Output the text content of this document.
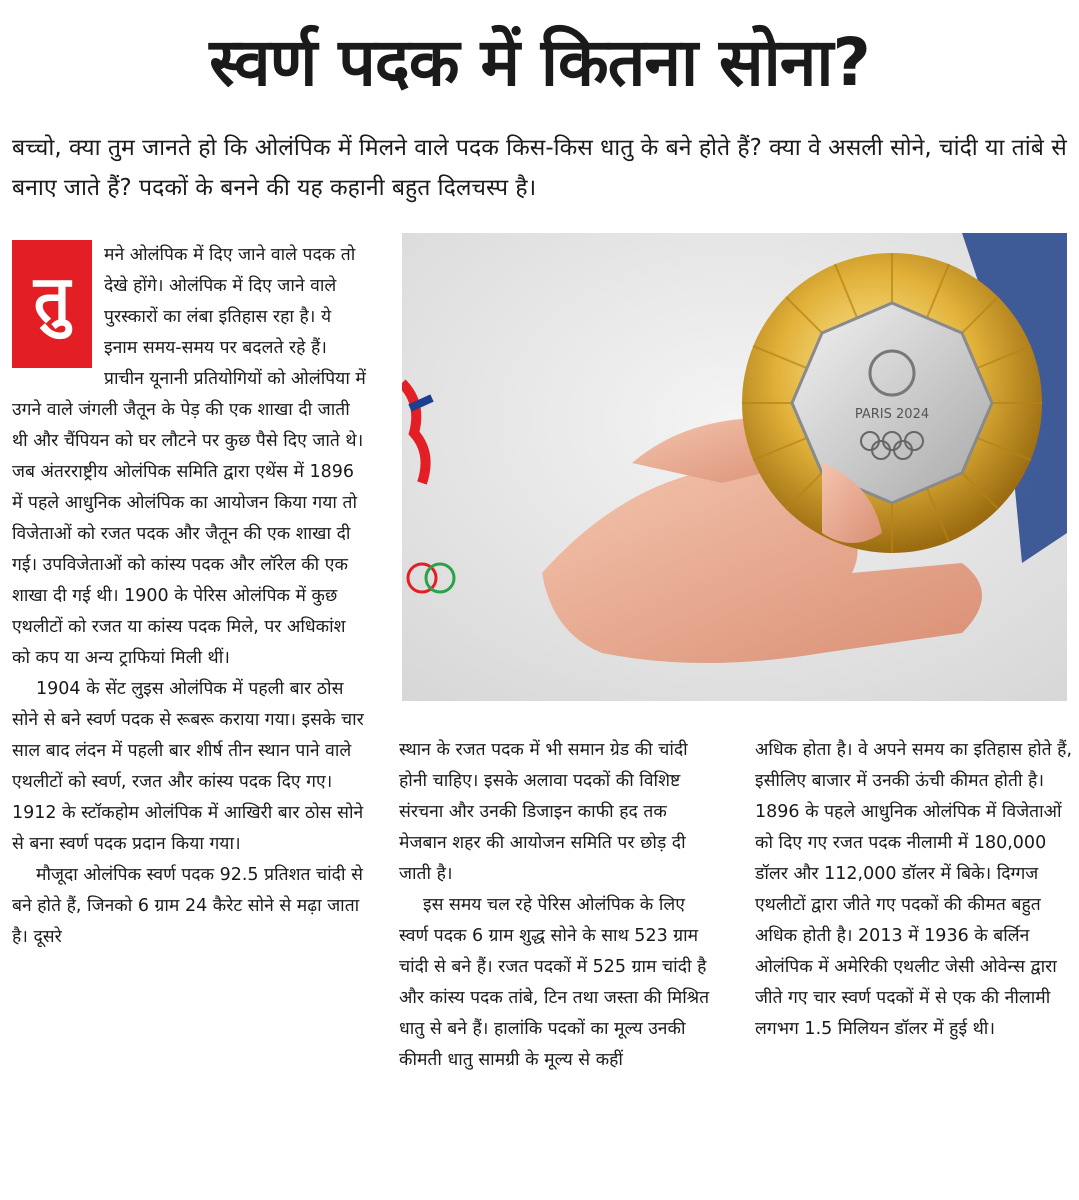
स्वर्ण पदक में कितना सोना?
बच्चो, क्या तुम जानते हो कि ओलंपिक में मिलने वाले पदक किस-किस धातु के बने होते हैं? क्या वे असली सोने, चांदी या तांबे से बनाए जाते हैं? पदकों के बनने की यह कहानी बहुत दिलचस्प है।
PARIS 2024
तु

मने ओलंपिक में दिए जाने वाले पदक तो देखे होंगे। ओलंपिक में दिए जाने वाले पुरस्कारों का लंबा इतिहास रहा है। ये इनाम समय-समय पर बदलते रहे हैं। प्राचीन यूनानी प्रतियोगियों को ओलंपिया में उगने वाले जंगली जैतून के पेड़ की एक शाखा दी जाती थी और चैंपियन को घर लौटने पर कुछ पैसे दिए जाते थे। जब अंतरराष्ट्रीय ओलंपिक समिति द्वारा एथेंस में 1896 में पहले आधुनिक ओलंपिक का आयोजन किया गया तो विजेताओं को रजत पदक और जैतून की एक शाखा दी गई। उपविजेताओं को कांस्य पदक और लॉरेल की एक शाखा दी गई थी। 1900 के पेरिस ओलंपिक में कुछ एथलीटों को रजत या कांस्य पदक मिले, पर अधिकांश को कप या अन्य ट्राफियां मिली थीं।

1904 के सेंट लुइस ओलंपिक में पहली बार ठोस सोने से बने स्वर्ण पदक से रूबरू कराया गया। इसके चार साल बाद लंदन में पहली बार शीर्ष तीन स्थान पाने वाले एथलीटों को स्वर्ण, रजत और कांस्य पदक दिए गए। 1912 के स्टॉकहोम ओलंपिक में आखिरी बार ठोस सोने से बना स्वर्ण पदक प्रदान किया गया।

मौजूदा ओलंपिक स्वर्ण पदक 92.5 प्रतिशत चांदी से बने होते हैं, जिनको 6 ग्राम 24 कैरेट सोने से मढ़ा जाता है। दूसरे

स्थान के रजत पदक में भी समान ग्रेड की चांदी होनी चाहिए। इसके अलावा पदकों की विशिष्ट संरचना और उनकी डिजाइन काफी हद तक मेजबान शहर की आयोजन समिति पर छोड़ दी जाती है।

इस समय चल रहे पेरिस ओलंपिक के लिए स्वर्ण पदक 6 ग्राम शुद्ध सोने के साथ 523 ग्राम चांदी से बने हैं। रजत पदकों में 525 ग्राम चांदी है और कांस्य पदक तांबे, टिन तथा जस्ता की मिश्रित धातु से बने हैं। हालांकि पदकों का मूल्य उनकी कीमती धातु सामग्री के मूल्य से कहीं

अधिक होता है। वे अपने समय का इतिहास होते हैं, इसीलिए बाजार में उनकी ऊंची कीमत होती है। 1896 के पहले आधुनिक ओलंपिक में विजेताओं को दिए गए रजत पदक नीलामी में 180,000 डॉलर और 112,000 डॉलर में बिके। दिग्गज एथलीटों द्वारा जीते गए पदकों की कीमत बहुत अधिक होती है। 2013 में 1936 के बर्लिन ओलंपिक में अमेरिकी एथलीट जेसी ओवेन्स द्वारा जीते गए चार स्वर्ण पदकों में से एक की नीलामी लगभग 1.5 मिलियन डॉलर में हुई थी।
